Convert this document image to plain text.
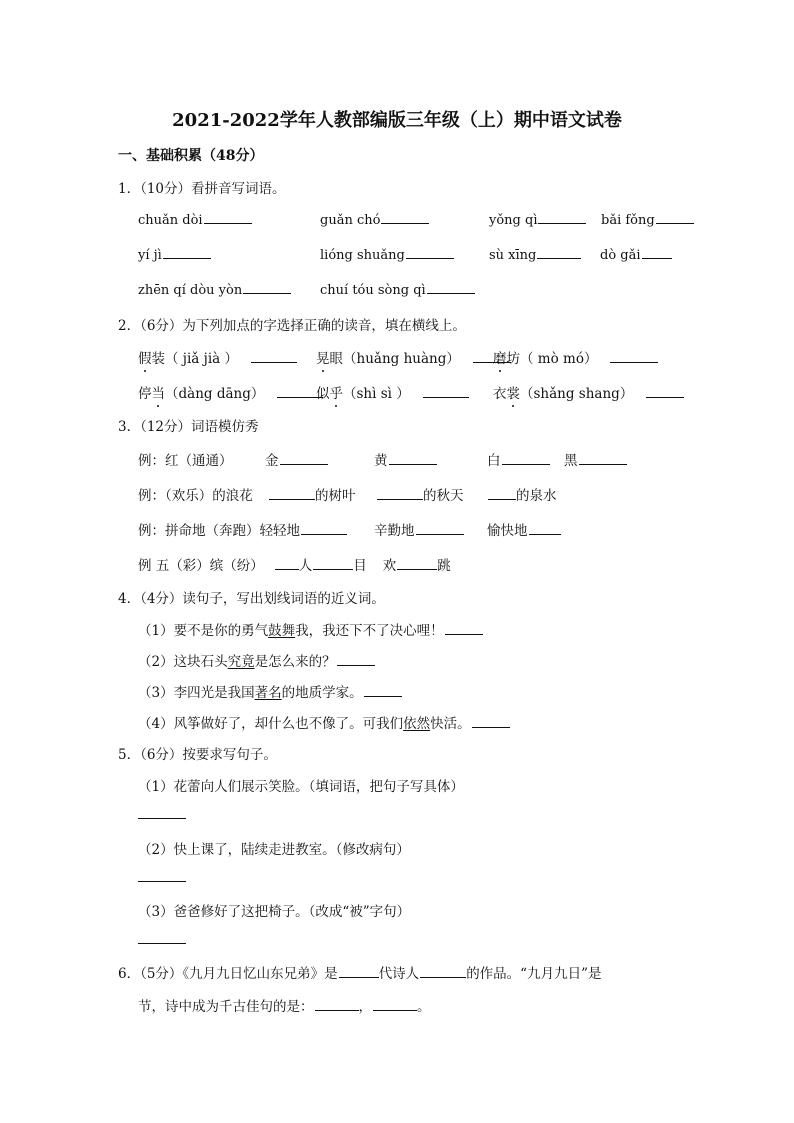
2021-2022学年人教部编版三年级（上）期中语文试卷
一、基础积累（48分）
1．（10分）看拼音写词语。
chuǎn dòi	guǎn chó	yǒng qì	bǎi fǒng
yí jì	lióng shuǎng	sù xīng	dò gǎi
zhēn qí dòu yòn	chuí tóu sòng qì
2．（6分）为下列加点的字选择正确的读音，填在横线上。
假装（ jiǎ jià ）	晃眼（huǎng huàng）	磨坊（ mò mó）
停当（dàng dāng）	似乎（shì sì ）	衣裳（shǎng shang）
3．（12分）词语模仿秀
例：红（通通） 金	黄	白	黑
例：（欢乐）的浪花	的树叶	的秋天	的泉水
例：拼命地（奔跑）轻轻地	辛勤地	愉快地
例 五（彩）缤（纷）	人	目 欢	跳
4．（4分）读句子，写出划线词语的近义词。
（1）要不是你的勇气鼓舞我，我还下不了决心哩！
（2）这块石头究竟是怎么来的？
（3）李四光是我国著名的地质学家。
（4）风筝做好了，却什么也不像了。可我们依然快活。
5．（6分）按要求写句子。
（1）花蕾向人们展示笑脸。（填词语，把句子写具体）
（2）快上课了，陆续走进教室。（修改病句）
（3）爸爸修好了这把椅子。（改成“被”字句）
6．（5分）《九月九日忆山东兄弟》是	代诗人	的作品。“九月九日”是
节，诗中成为千古佳句的是：	，	。
